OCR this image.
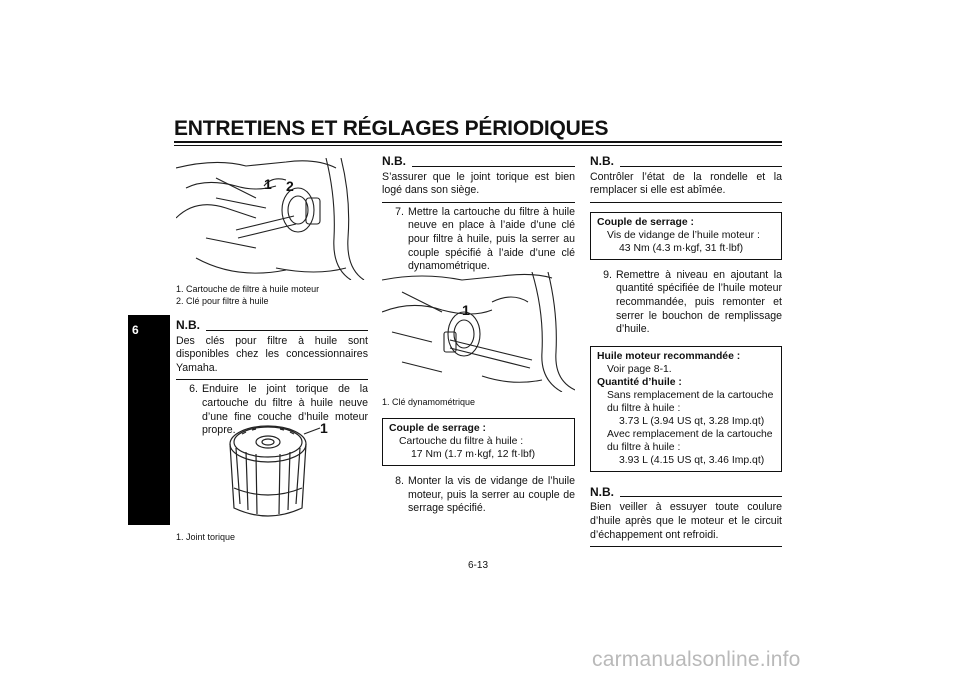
ENTRETIENS ET RÉGLAGES PÉRIODIQUES
6
1 2
1. Cartouche de filtre à huile moteur
2. Clé pour filtre à huile
N.B.
Des clés pour filtre à huile sont disponibles chez les concessionnaires Yamaha.
6. Enduire le joint torique de la cartouche du filtre à huile neuve d’une fine couche d’huile moteur propre.	1
1. Joint torique
N.B.
S’assurer que le joint torique est bien logé dans son siège.
7. Mettre la cartouche du filtre à huile neuve en place à l’aide d’une clé pour filtre à huile, puis la serrer au couple spécifié à l’aide d’une clé dynamométrique.
1
1. Clé dynamométrique
Couple de serrage :
Cartouche du filtre à huile :
17 Nm (1.7 m·kgf, 12 ft·lbf)
8. Monter la vis de vidange de l’huile moteur, puis la serrer au couple de serrage spécifié.
N.B.
Contrôler l’état de la rondelle et la remplacer si elle est abîmée.
Couple de serrage :
Vis de vidange de l’huile moteur :
43 Nm (4.3 m·kgf, 31 ft·lbf)
9. Remettre à niveau en ajoutant la quantité spécifiée de l’huile moteur recommandée, puis remonter et serrer le bouchon de remplissage d’huile.
Huile moteur recommandée :
Voir page 8-1.
Quantité d’huile :
Sans remplacement de la cartouche
du filtre à huile :
3.73 L (3.94 US qt, 3.28 Imp.qt)
Avec remplacement de la cartouche
du filtre à huile :
3.93 L (4.15 US qt, 3.46 Imp.qt)
N.B.
Bien veiller à essuyer toute coulure d’huile après que le moteur et le circuit d’échappement ont refroidi.
6-13
carmanualsonline.info
